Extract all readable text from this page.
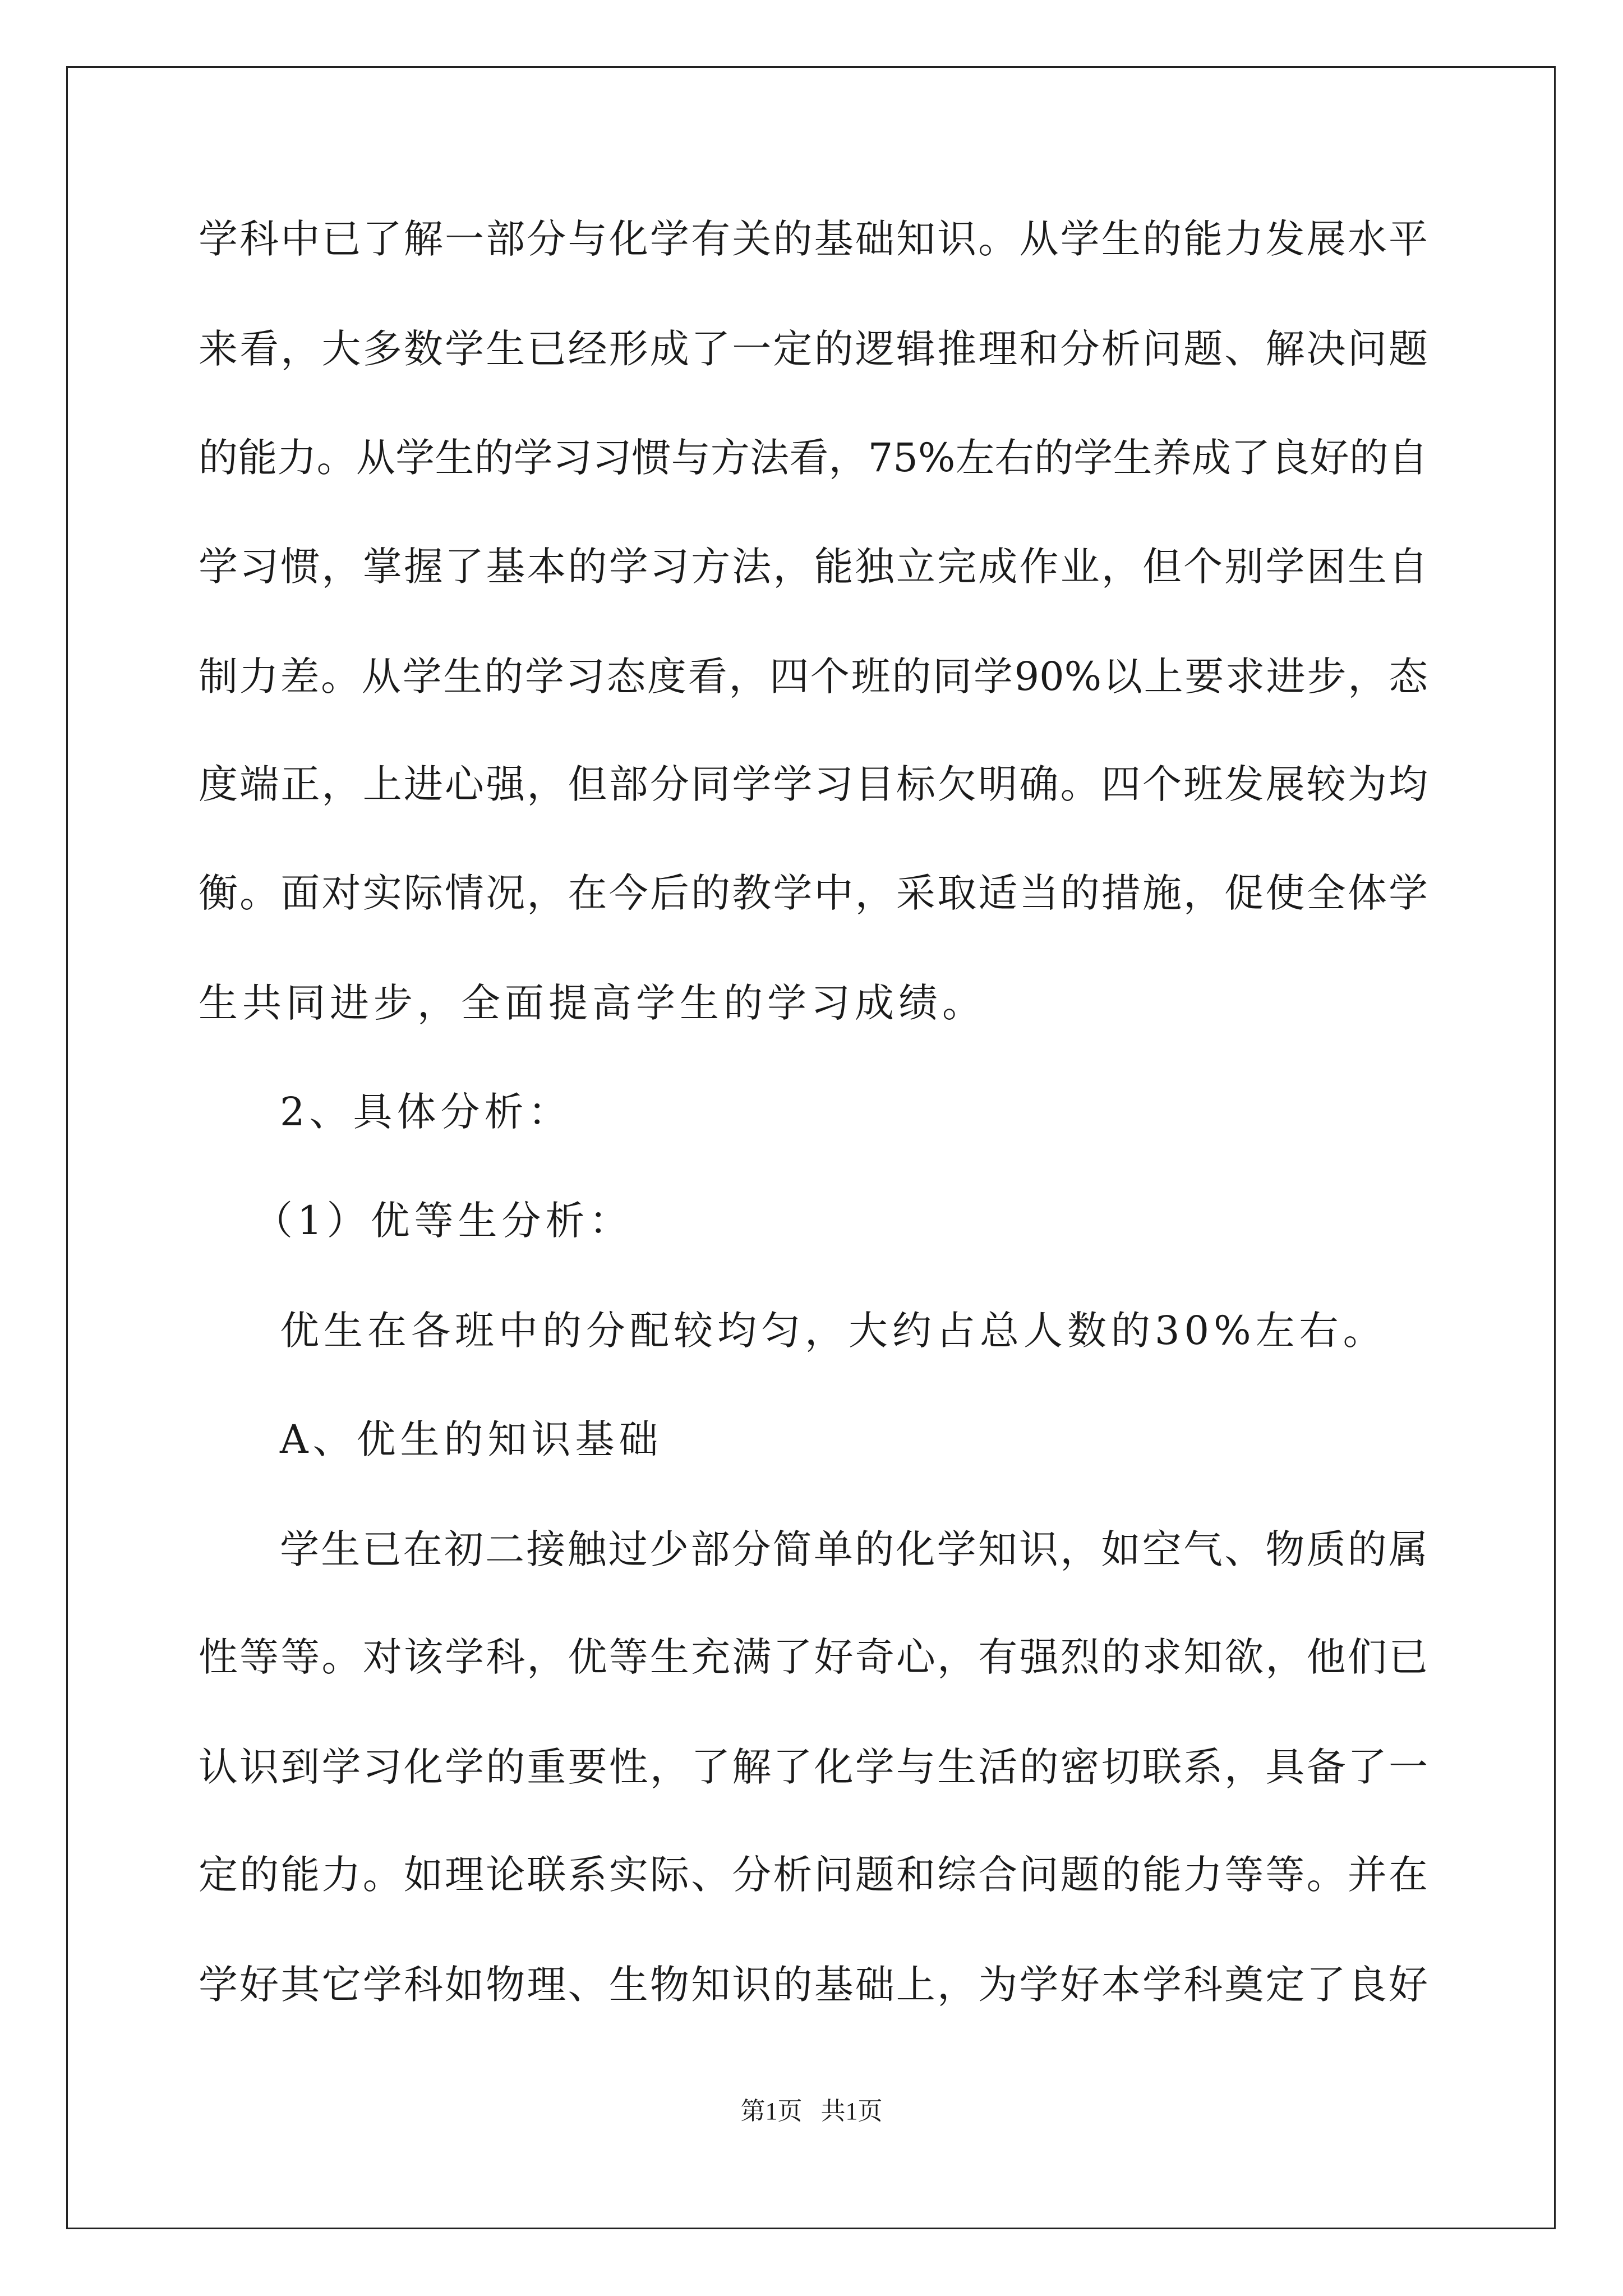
学科中已了解一部分与化学有关的基础知识。从学生的能力发展水平
来看，大多数学生已经形成了一定的逻辑推理和分析问题、解决问题
的能力。从学生的学习习惯与方法看，75%左右的学生养成了良好的自
学习惯，掌握了基本的学习方法，能独立完成作业，但个别学困生自
制力差。从学生的学习态度看，四个班的同学90%以上要求进步，态
度端正，上进心强，但部分同学学习目标欠明确。四个班发展较为均
衡。面对实际情况，在今后的教学中，采取适当的措施，促使全体学
生共同进步，全面提高学生的学习成绩。
2、具体分析：
（1）优等生分析：
优生在各班中的分配较均匀，大约占总人数的30%左右。
A、优生的知识基础
学生已在初二接触过少部分简单的化学知识，如空气、物质的属
性等等。对该学科，优等生充满了好奇心，有强烈的求知欲，他们已
认识到学习化学的重要性，了解了化学与生活的密切联系，具备了一
定的能力。如理论联系实际、分析问题和综合问题的能力等等。并在
学好其它学科如物理、生物知识的基础上，为学好本学科奠定了良好
第1页   共1页
